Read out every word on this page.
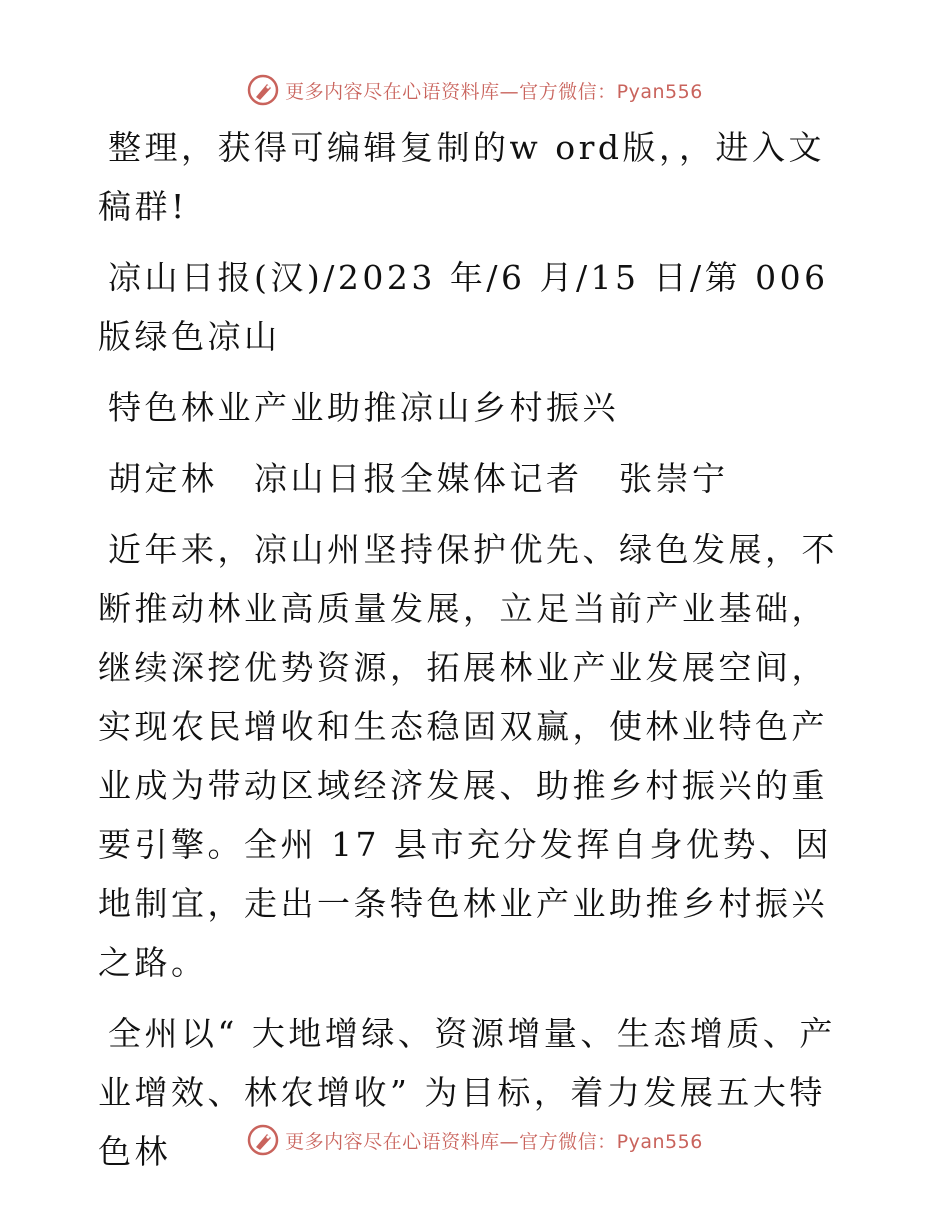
更多内容尽在心语资料库—官方微信：Pyan556

整理，获得可编辑复制的w ord版，，进入文稿群!

凉山日报(汉)/2023 年/6 月/15 日/第 006 版绿色凉山

特色林业产业助推凉山乡村振兴

胡定林　凉山日报全媒体记者　张崇宁

近年来，凉山州坚持保护优先、绿色发展，不断推动林业高质量发展，立足当前产业基础，继续深挖优势资源，拓展林业产业发展空间，实现农民增收和生态稳固双赢，使林业特色产业成为带动区域经济发展、助推乡村振兴的重要引擎。全州 17 县市充分发挥自身优势、因地制宜，走出一条特色林业产业助推乡村振兴之路。

全州以“ 大地增绿、资源增量、生态增质、产业增效、林农增收” 为目标，着力发展五大特色林	更多内容尽在心语资料库—官方微信：Pyan556
